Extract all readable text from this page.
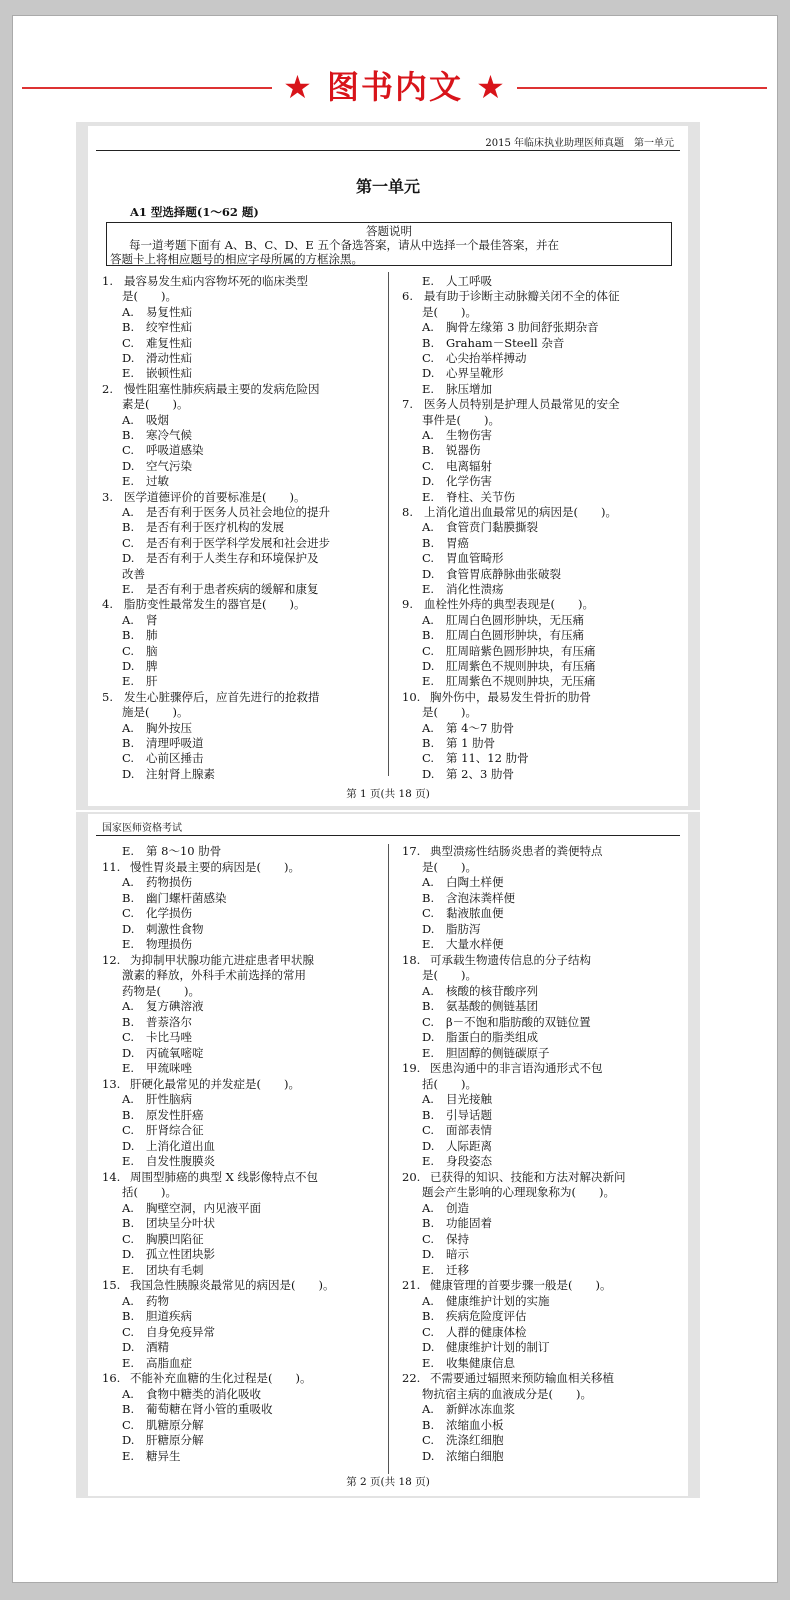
★ 图书内文 ★
2015 年临床执业助理医师真题　第一单元
第一单元
A1 型选择题(1～62 题)
答题说明
每一道考题下面有 A、B、C、D、E 五个备选答案，请从中选择一个最佳答案，并在
答题卡上将相应题号的相应字母所属的方框涂黑。
1. 最容易发生疝内容物坏死的临床类型
是(　　)。
A. 易复性疝
B. 绞窄性疝
C. 难复性疝
D. 滑动性疝
E. 嵌顿性疝
2. 慢性阻塞性肺疾病最主要的发病危险因
素是(　　)。
A. 吸烟
B. 寒冷气候
C. 呼吸道感染
D. 空气污染
E. 过敏
3. 医学道德评价的首要标准是(　　)。
A. 是否有利于医务人员社会地位的提升
B. 是否有利于医疗机构的发展
C. 是否有利于医学科学发展和社会进步
D. 是否有利于人类生存和环境保护及
改善
E. 是否有利于患者疾病的缓解和康复
4. 脂肪变性最常发生的器官是(　　)。
A. 肾
B. 肺
C. 脑
D. 脾
E. 肝
5. 发生心脏骤停后，应首先进行的抢救措
施是(　　)。
A. 胸外按压
B. 清理呼吸道
C. 心前区捶击
D. 注射肾上腺素
E. 人工呼吸
6. 最有助于诊断主动脉瓣关闭不全的体征
是(　　)。
A. 胸骨左缘第 3 肋间舒张期杂音
B. Graham－Steell 杂音
C. 心尖抬举样搏动
D. 心界呈靴形
E. 脉压增加
7. 医务人员特别是护理人员最常见的安全
事件是(　　)。
A. 生物伤害
B. 锐器伤
C. 电离辐射
D. 化学伤害
E. 脊柱、关节伤
8. 上消化道出血最常见的病因是(　　)。
A. 食管贲门黏膜撕裂
B. 胃癌
C. 胃血管畸形
D. 食管胃底静脉曲张破裂
E. 消化性溃疡
9. 血栓性外痔的典型表现是(　　)。
A. 肛周白色圆形肿块，无压痛
B. 肛周白色圆形肿块，有压痛
C. 肛周暗紫色圆形肿块，有压痛
D. 肛周紫色不规则肿块，有压痛
E. 肛周紫色不规则肿块，无压痛
10. 胸外伤中，最易发生骨折的肋骨
是(　　)。
A. 第 4～7 肋骨
B. 第 1 肋骨
C. 第 11、12 肋骨
D. 第 2、3 肋骨
第 1 页(共 18 页)
国家医师资格考试
E. 第 8～10 肋骨
11. 慢性胃炎最主要的病因是(　　)。
A. 药物损伤
B. 幽门螺杆菌感染
C. 化学损伤
D. 刺激性食物
E. 物理损伤
12. 为抑制甲状腺功能亢进症患者甲状腺
激素的释放，外科手术前选择的常用
药物是(　　)。
A. 复方碘溶液
B. 普萘洛尔
C. 卡比马唑
D. 丙硫氧嘧啶
E. 甲巯咪唑
13. 肝硬化最常见的并发症是(　　)。
A. 肝性脑病
B. 原发性肝癌
C. 肝肾综合征
D. 上消化道出血
E. 自发性腹膜炎
14. 周围型肺癌的典型 X 线影像特点不包
括(　　)。
A. 胸壁空洞，内见液平面
B. 团块呈分叶状
C. 胸膜凹陷征
D. 孤立性团块影
E. 团块有毛刺
15. 我国急性胰腺炎最常见的病因是(　　)。
A. 药物
B. 胆道疾病
C. 自身免疫异常
D. 酒精
E. 高脂血症
16. 不能补充血糖的生化过程是(　　)。
A. 食物中糖类的消化吸收
B. 葡萄糖在肾小管的重吸收
C. 肌糖原分解
D. 肝糖原分解
E. 糖异生
17. 典型溃疡性结肠炎患者的粪便特点
是(　　)。
A. 白陶土样便
B. 含泡沫粪样便
C. 黏液脓血便
D. 脂肪泻
E. 大量水样便
18. 可承载生物遗传信息的分子结构
是(　　)。
A. 核酸的核苷酸序列
B. 氨基酸的侧链基团
C. β－不饱和脂肪酸的双链位置
D. 脂蛋白的脂类组成
E. 胆固醇的侧链碳原子
19. 医患沟通中的非言语沟通形式不包
括(　　)。
A. 目光接触
B. 引导话题
C. 面部表情
D. 人际距离
E. 身段姿态
20. 已获得的知识、技能和方法对解决新问
题会产生影响的心理现象称为(　　)。
A. 创造
B. 功能固着
C. 保持
D. 暗示
E. 迁移
21. 健康管理的首要步骤一般是(　　)。
A. 健康维护计划的实施
B. 疾病危险度评估
C. 人群的健康体检
D. 健康维护计划的制订
E. 收集健康信息
22. 不需要通过辐照来预防输血相关移植
物抗宿主病的血液成分是(　　)。
A. 新鲜冰冻血浆
B. 浓缩血小板
C. 洗涤红细胞
D. 浓缩白细胞
第 2 页(共 18 页)
